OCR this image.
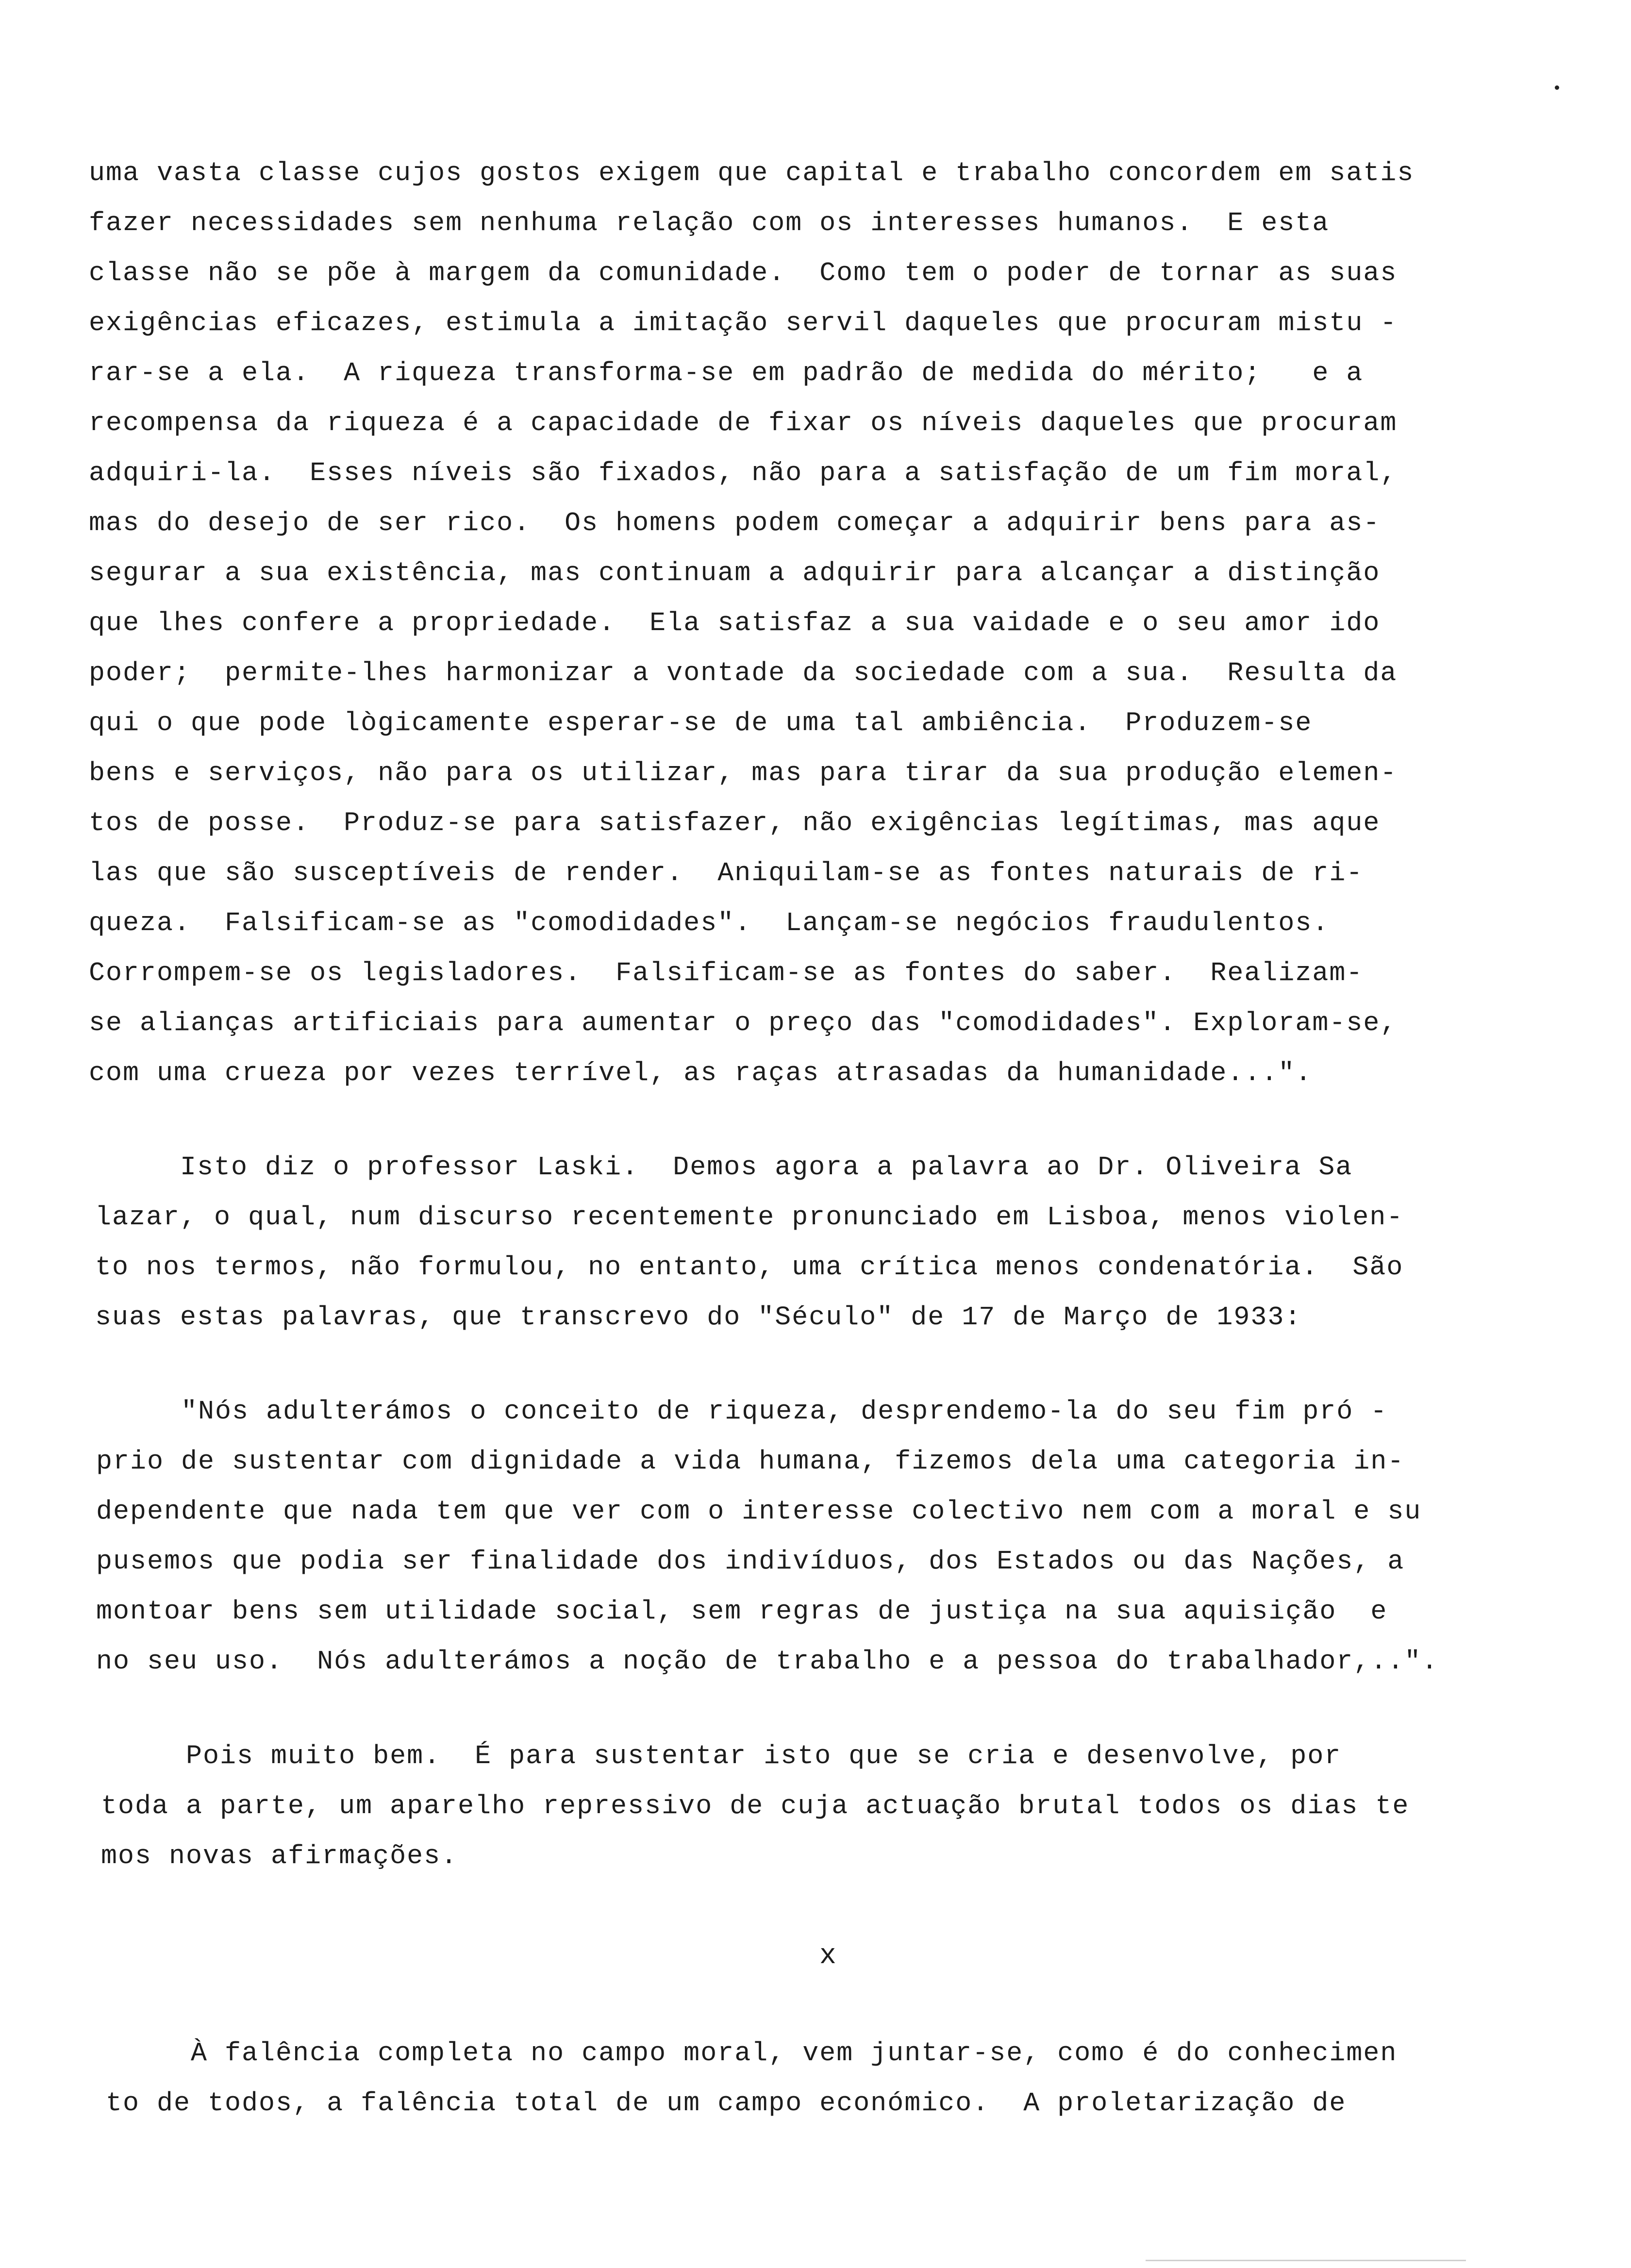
uma vasta classe cujos gostos exigem que capital e trabalho concordem em satis
fazer necessidades sem nenhuma relação com os interesses humanos.  E esta
classe não se põe à margem da comunidade.  Como tem o poder de tornar as suas
exigências eficazes, estimula a imitação servil daqueles que procuram mistu -
rar-se a ela.  A riqueza transforma-se em padrão de medida do mérito;   e a
recompensa da riqueza é a capacidade de fixar os níveis daqueles que procuram
adquiri-la.  Esses níveis são fixados, não para a satisfação de um fim moral,
mas do desejo de ser rico.  Os homens podem começar a adquirir bens para as-
segurar a sua existência, mas continuam a adquirir para alcançar a distinção
que lhes confere a propriedade.  Ela satisfaz a sua vaidade e o seu amor ido
poder;  permite-lhes harmonizar a vontade da sociedade com a sua.  Resulta da
qui o que pode lògicamente esperar-se de uma tal ambiência.  Produzem-se
bens e serviços, não para os utilizar, mas para tirar da sua produção elemen-
tos de posse.  Produz-se para satisfazer, não exigências legítimas, mas aque
las que são susceptíveis de render.  Aniquilam-se as fontes naturais de ri-
queza.  Falsificam-se as "comodidades".  Lançam-se negócios fraudulentos.
Corrompem-se os legisladores.  Falsificam-se as fontes do saber.  Realizam-
se alianças artificiais para aumentar o preço das "comodidades". Exploram-se,
com uma crueza por vezes terrível, as raças atrasadas da humanidade...".
Isto diz o professor Laski.  Demos agora a palavra ao Dr. Oliveira Sa
lazar, o qual, num discurso recentemente pronunciado em Lisboa, menos violen-
to nos termos, não formulou, no entanto, uma crítica menos condenatória.  São
suas estas palavras, que transcrevo do "Século" de 17 de Março de 1933:
"Nós adulterámos o conceito de riqueza, desprendemo-la do seu fim pró -
prio de sustentar com dignidade a vida humana, fizemos dela uma categoria in-
dependente que nada tem que ver com o interesse colectivo nem com a moral e su
pusemos que podia ser finalidade dos indivíduos, dos Estados ou das Nações, a
montoar bens sem utilidade social, sem regras de justiça na sua aquisição  e
no seu uso.  Nós adulterámos a noção de trabalho e a pessoa do trabalhador,..".
Pois muito bem.  É para sustentar isto que se cria e desenvolve, por
toda a parte, um aparelho repressivo de cuja actuação brutal todos os dias te
mos novas afirmações.
x
À falência completa no campo moral, vem juntar-se, como é do conhecimen
to de todos, a falência total de um campo económico.  A proletarização de
